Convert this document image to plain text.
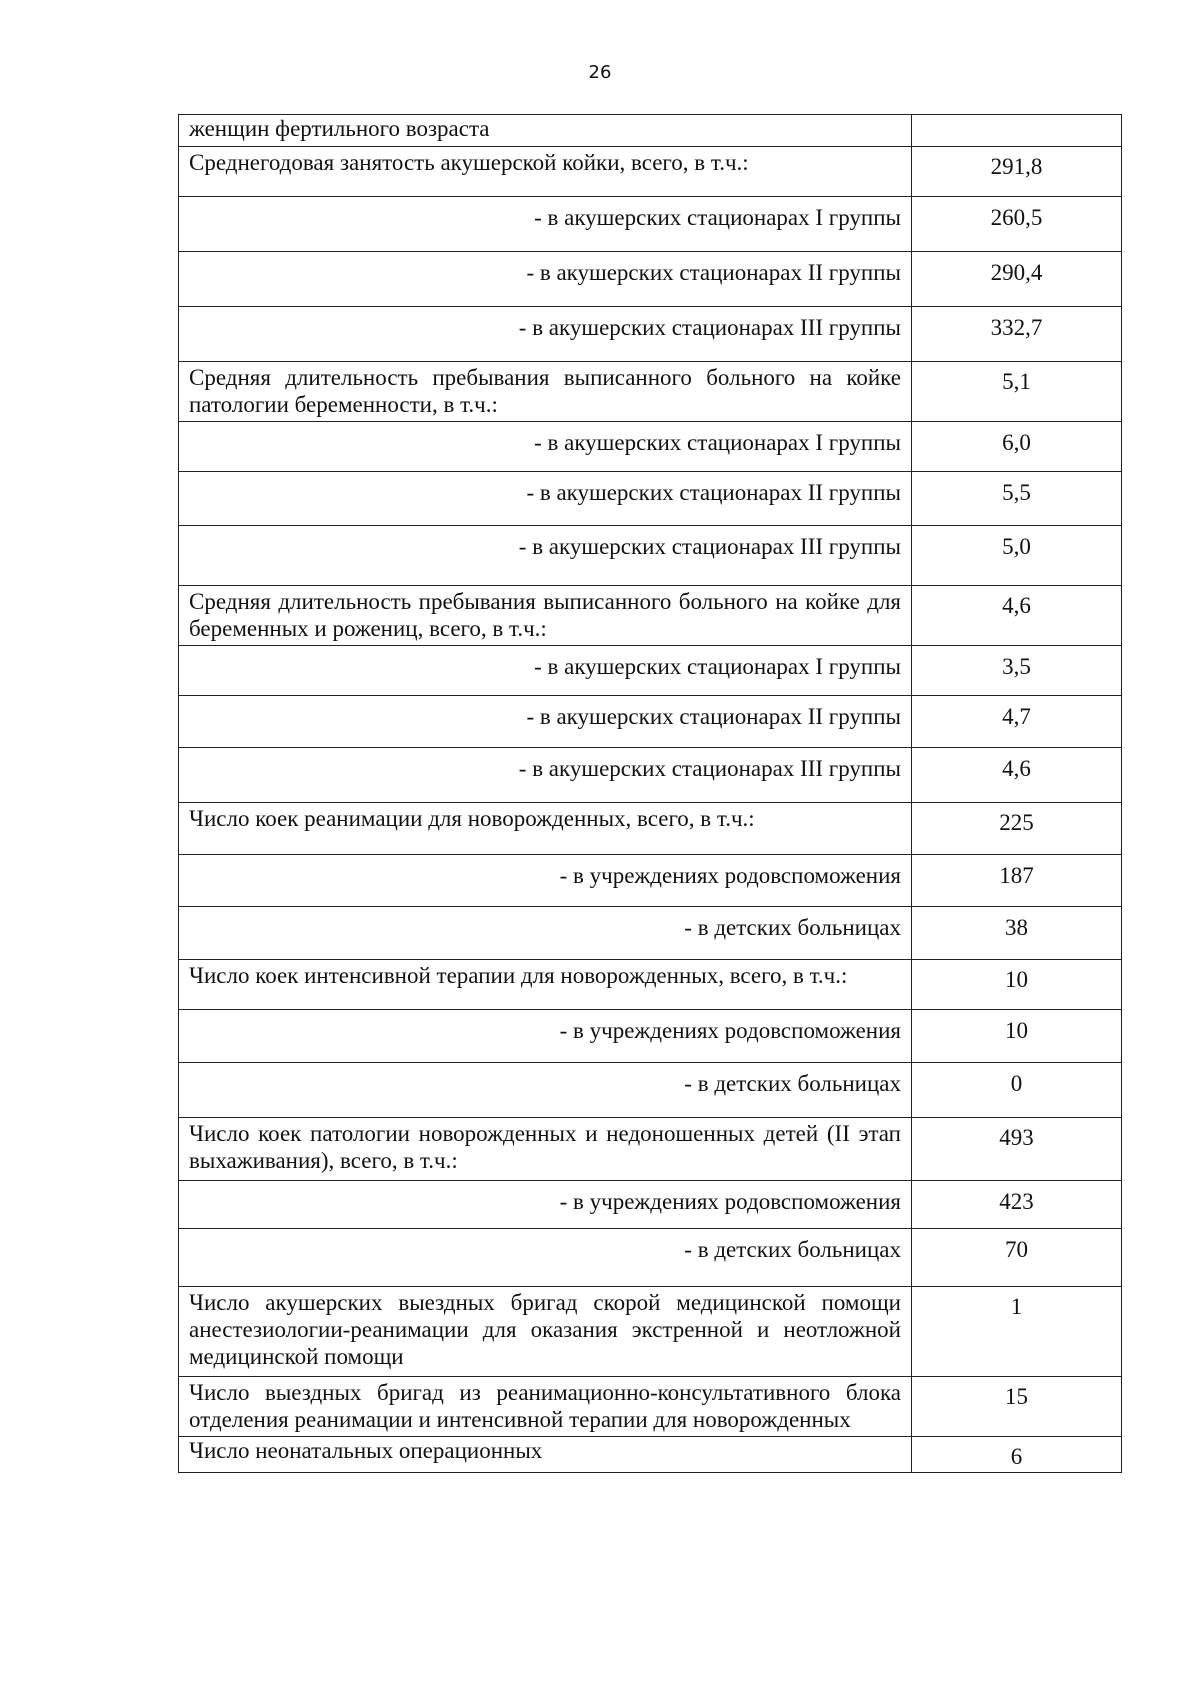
26
женщин фертильного возраста	
Среднегодовая занятость акушерской койки, всего, в т.ч.:	291,8
- в акушерских стационарах I группы	260,5
- в акушерских стационарах II группы	290,4
- в акушерских стационарах III группы	332,7
Средняя длительность пребывания выписанного больного на койке патологии беременности, в т.ч.:	5,1
- в акушерских стационарах I группы	6,0
- в акушерских стационарах II группы	5,5
- в акушерских стационарах III группы	5,0
Средняя длительность пребывания выписанного больного на койке для беременных и рожениц, всего, в т.ч.:	4,6
- в акушерских стационарах I группы	3,5
- в акушерских стационарах II группы	4,7
- в акушерских стационарах III группы	4,6
Число коек реанимации для новорожденных, всего, в т.ч.:	225
- в учреждениях родовспоможения	187
- в детских больницах	38
Число коек интенсивной терапии для новорожденных, всего, в т.ч.:	10
- в учреждениях родовспоможения	10
- в детских больницах	0
Число коек патологии новорожденных и недоношенных детей (II этап выхаживания), всего, в т.ч.:	493
- в учреждениях родовспоможения	423
- в детских больницах	70
Число акушерских выездных бригад скорой медицинской помощи анестезиологии-реанимации для оказания экстренной и неотложной медицинской помощи	1
Число выездных бригад из реанимационно-консультативного блока отделения реанимации и интенсивной терапии для новорожденных	15
Число неонатальных операционных	6
